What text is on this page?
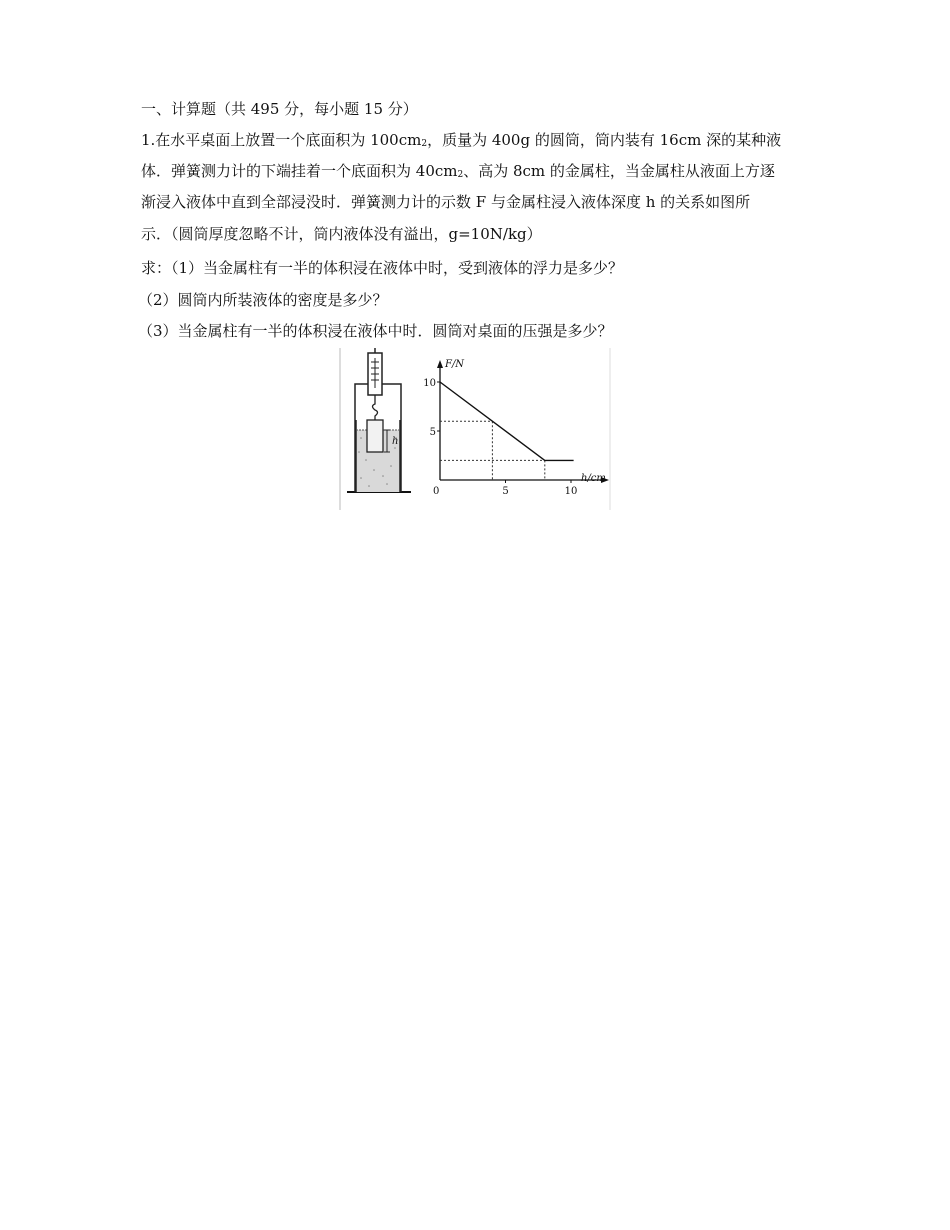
一、计算题（共 495 分，每小题 15 分）
1.在水平桌面上放置一个底面积为 100cm2，质量为 400g 的圆筒，筒内装有 16cm 深的某种液
体．弹簧测力计的下端挂着一个底面积为 40cm2、高为 8cm 的金属柱，当金属柱从液面上方逐
渐浸入液体中直到全部浸没时．弹簧测力计的示数 F 与金属柱浸入液体深度 h 的关系如图所
示．（圆筒厚度忽略不计，筒内液体没有溢出，g=10N/kg）
求：（1）当金属柱有一半的体积浸在液体中时，受到液体的浮力是多少？
（2）圆筒内所装液体的密度是多少？
（3）当金属柱有一半的体积浸在液体中时．圆筒对桌面的压强是多少？
h
F/N
h/cm
0
5
10
5	10
